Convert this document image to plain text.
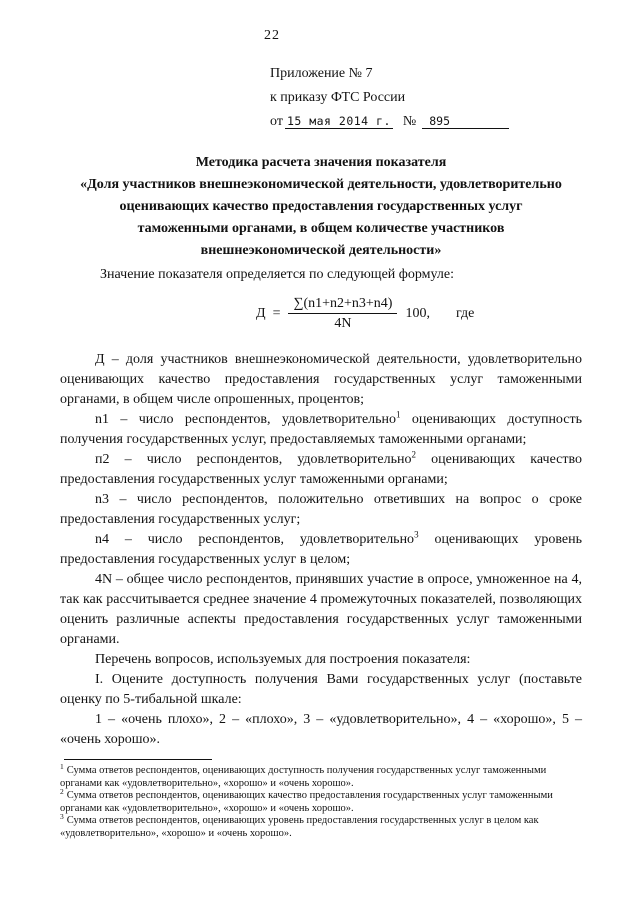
22
Приложение № 7
к приказу ФТС России
от 15 мая 2014 г. № 895
Методика расчета значения показателя
«Доля участников внешнеэкономической деятельности, удовлетворительно
оценивающих качество предоставления государственных услуг
таможенными органами, в общем количестве участников
внешнеэкономической деятельности»

Значение показателя определяется по следующей формуле:

$Д = \frac{\sum(n1+n2+n3+n4)}{4N} 100$, где

Д – доля участников внешнеэкономической деятельности, удовлетворительно оценивающих качество предоставления государственных услуг таможенными органами, в общем числе опрошенных, процентов;

n1 – число респондентов, удовлетворительно$^1$ оценивающих доступность получения государственных услуг, предоставляемых таможенными органами;

п2 – число респондентов, удовлетворительно$^2$ оценивающих качество предоставления государственных услуг таможенными органами;

n3 – число респондентов, положительно ответивших на вопрос о сроке предоставления государственных услуг;

n4 – число респондентов, удовлетворительно$^3$ оценивающих уровень предоставления государственных услуг в целом;

4N – общее число респондентов, принявших участие в опросе, умноженное на 4, так как рассчитывается среднее значение 4 промежуточных показателей, позволяющих оценить различные аспекты предоставления государственных услуг таможенными органами.

Перечень вопросов, используемых для построения показателя:

I. Оцените доступность получения Вами государственных услуг (поставьте оценку по 5-тибальной шкале:

1 – «очень плохо», 2 – «плохо», 3 – «удовлетворительно», 4 – «хорошо», 5 – «очень хорошо».

$^1$ Сумма ответов респондентов, оценивающих доступность получения государственных услуг таможенными органами как «удовлетворительно», «хорошо» и «очень хорошо».

$^2$ Сумма ответов респондентов, оценивающих качество предоставления государственных услуг таможенными органами как «удовлетворительно», «хорошо» и «очень хорошо».

$^3$ Сумма ответов респондентов, оценивающих уровень предоставления государственных услуг в целом как «удовлетворительно», «хорошо» и «очень хорошо».
